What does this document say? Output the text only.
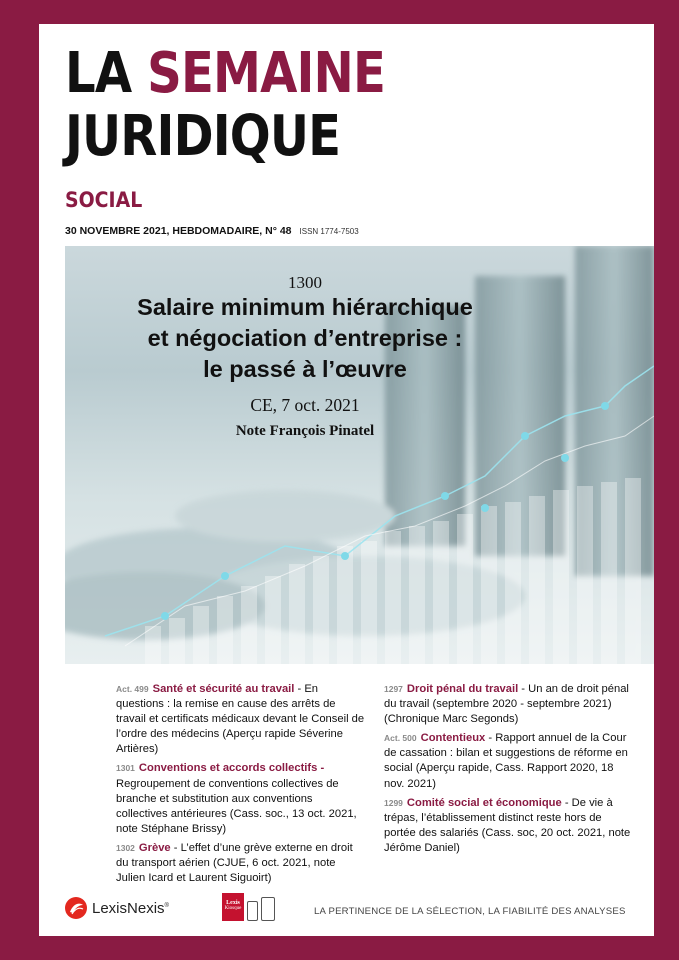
LA SEMAINE
JURIDIQUE
SOCIAL
30 NOVEMBRE 2021, HEBDOMADAIRE, N° 48 ISSN 1774-7503
1300
Salaire minimum hiérarchique
et négociation d’entreprise :
le passé à l’œuvre
CE, 7 oct. 2021
Note François Pinatel
Act. 499 Santé et sécurité au travail - En questions : la remise en cause des arrêts de travail et certificats médicaux devant le Conseil de l’ordre des médecins (Aperçu rapide Séverine Artières)
1301 Conventions et accords collectifs - Regroupement de conventions collectives de branche et substitution aux conventions collectives antérieures (Cass. soc., 13 oct. 2021, note Stéphane Brissy)
1302 Grève - L’effet d’une grève externe en droit du transport aérien (CJUE, 6 oct. 2021, note Julien Icard et Laurent Siguoirt)
1297 Droit pénal du travail - Un an de droit pénal du travail (septembre 2020 - septembre 2021) (Chronique Marc Segonds)
Act. 500 Contentieux - Rapport annuel de la Cour de cassation : bilan et suggestions de réforme en social (Aperçu rapide, Cass. Rapport 2020, 18 nov. 2021)
1299 Comité social et économique - De vie à trépas, l’établissement distinct reste hors de portée des salariés (Cass. soc, 20 oct. 2021, note Jérôme Daniel)
LexisNexis®	Lexis
Kiosque	LA PERTINENCE DE LA SÉLECTION, LA FIABILITÉ DES ANALYSES
